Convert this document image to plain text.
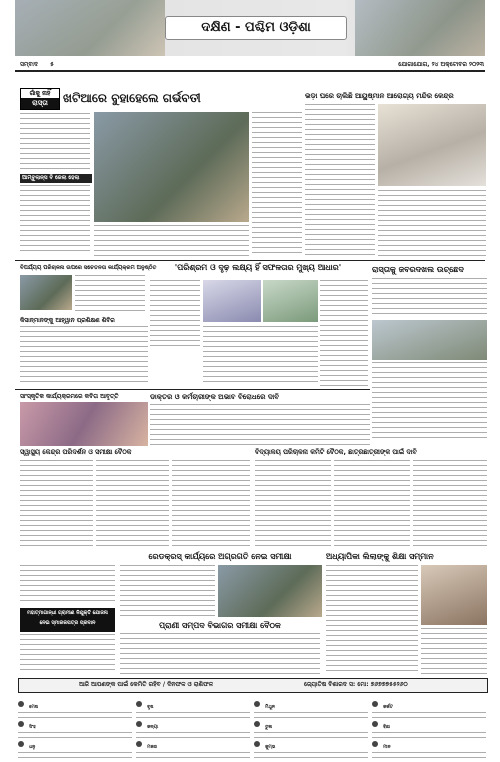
ଦକ୍ଷିଣ - ପଶ୍ଚିମ ଓଡ଼ିଶା
ସମ୍ବାଦ ୫	ଯୋଗାଯୋଗ, ୨୪ ଅକ୍ଟୋବର ୨୦୨୩
ଗାଁକୁ ନାହିଁ
ରାସ୍ତା	ଖଟିଆରେ ବୁହାହେଲେ ଗର୍ଭବତୀ
ଆମ୍ବୁଲାନ୍ସ ବି ଜେଲା ହେଲା
ଭଡ଼ା ଘରେ ଚାଲିଛି ଆୟୁଷ୍ମାନ ଆରୋଗ୍ୟ ମନ୍ଦିର କେନ୍ଦ୍ର
ବିପର୍ଯ୍ୟୟ ପରିଚାଳନା ଉପରେ ସଚେତନତା କାର୍ଯ୍ୟକ୍ରମ ଅନୁଷ୍ଠିତ	'ପରିଶ୍ରମ ଓ ଦୃଢ଼ ଲକ୍ଷ୍ୟ ହିଁ ସଫଳତାର ମୁଖ୍ୟ ଆଧାର'	ରାସ୍ତାକୁ ଜବରଦଖଲ ଉଚ୍ଛେଦ
କିସାନ୍ମାନଙ୍କୁ ଆହ୍ୱାନ ପ୍ରଶିକ୍ଷଣ ଶିବିର
ସାଂସ୍କୃତିକ କାର୍ଯ୍ୟକ୍ରମରେ କବିତା ଆବୃତ୍ତି	ଡାକ୍ତର ଓ କର୍ମଚାରୀଙ୍କ ଅଭାବ ବିରୋଧରେ ଦାବି
ବିଦ୍ୟାଳୟ ପରିଚାଳନା କମିଟି ବୈଠକ, ଛାତ୍ରଛାତ୍ରୀଙ୍କ ପାଇଁ ଦାବି
ସ୍ୱାସ୍ଥ୍ୟ କେନ୍ଦ୍ର ପରିଦର୍ଶନ ଓ ସମୀକ୍ଷା ବୈଠକ
ରେଡକ୍ରସ୍ କାର୍ଯ୍ୟରେ ଅଗ୍ରଗତି ନେଇ ସମୀକ୍ଷା	ଅଧ୍ୟାପିକା ଲିଲାଙ୍କୁ ଶିକ୍ଷା ସମ୍ମାନ
ମହାତ୍ମାଗାନ୍ଧୀ ଗ୍ରାମୀଣ ନିଯୁକ୍ତି ଯୋଜନା
ନେଇ ସ୍ମାରକପତ୍ର ପ୍ରଦାନ	ପ୍ରାଣୀ ସମ୍ପଦ ବିଭାଗର ସମୀକ୍ଷା ବୈଠକ
ଆଜି ଆପଣଙ୍କ ପାଇଁ କେମିତି ରହିବ / ଦିନଫଳ ଓ ରାଶିଫଳ	ଜ୍ୟୋତିଷ ବିଶାରଦ ସ: ମୋ: ୭୬୭୭୭୫୫୨୬୦
ମେଷ	ବୃଷ	ମିଥୁନ	କର୍କଟ
ସିଂହ	କନ୍ୟା	ତୁଳା	ବିଛା
ଧନୁ	ମକର	କୁମ୍ଭ	ମୀନ
